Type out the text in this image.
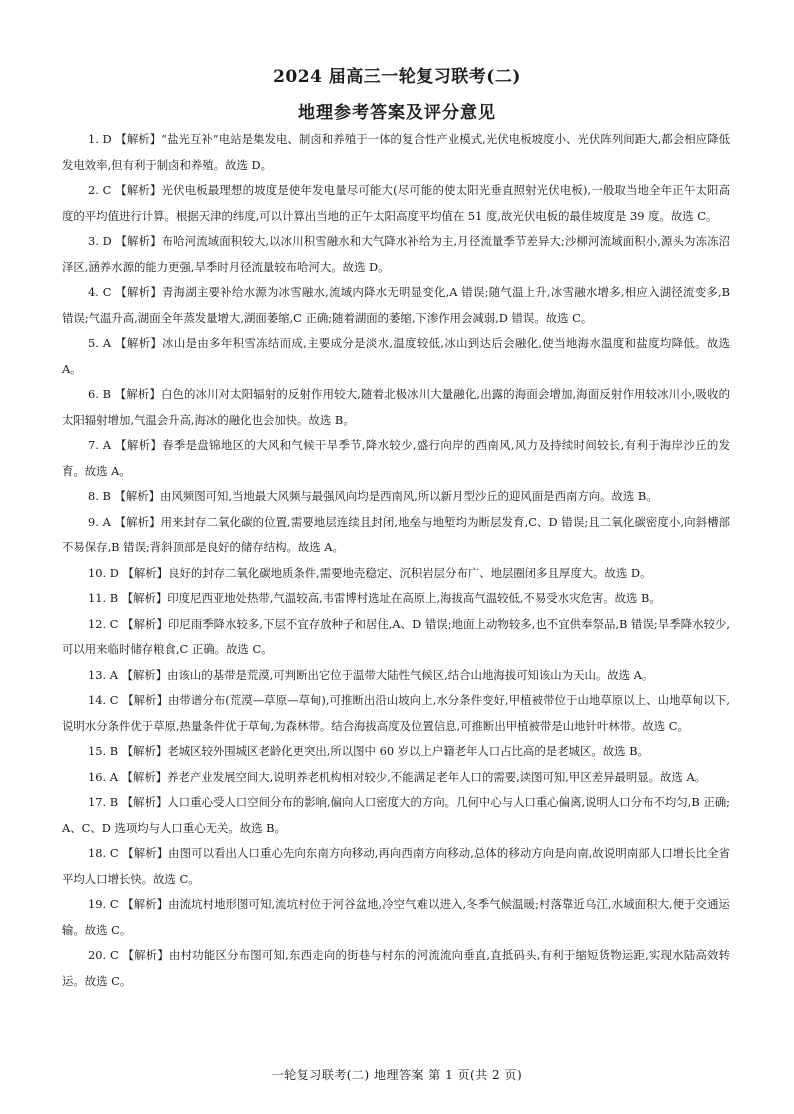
2024 届高三一轮复习联考(二)
地理参考答案及评分意见

1. D 【解析】“盐光互补”电站是集发电、制卤和养殖于一体的复合性产业模式,光伏电板坡度小、光伏阵列间距大,都会相应降低发电效率,但有利于制卤和养殖。故选 D。

2. C 【解析】光伏电板最理想的坡度是使年发电量尽可能大(尽可能的使太阳光垂直照射光伏电板),一般取当地全年正午太阳高度的平均值进行计算。根据天津的纬度,可以计算出当地的正午太阳高度平均值在 51 度,故光伏电板的最佳坡度是 39 度。故选 C。

3. D 【解析】布哈河流域面积较大,以冰川积雪融水和大气降水补给为主,月径流量季节差异大;沙柳河流域面积小,源头为冻冻沼泽区,涵养水源的能力更强,旱季时月径流量较布哈河大。故选 D。

4. C 【解析】青海湖主要补给水源为冰雪融水,流域内降水无明显变化,A 错误;随气温上升,冰雪融水增多,相应入湖径流变多,B 错误;气温升高,湖面全年蒸发量增大,湖面萎缩,C 正确;随着湖面的萎缩,下渗作用会减弱,D 错误。故选 C。

5. A 【解析】冰山是由多年积雪冻结而成,主要成分是淡水,温度较低,冰山到达后会融化,使当地海水温度和盐度均降低。故选 A。

6. B 【解析】白色的冰川对太阳辐射的反射作用较大,随着北极冰川大量融化,出露的海面会增加,海面反射作用较冰川小,吸收的太阳辐射增加,气温会升高,海冰的融化也会加快。故选 B。

7. A 【解析】春季是盘锦地区的大风和气候干旱季节,降水较少,盛行向岸的西南风,风力及持续时间较长,有利于海岸沙丘的发育。故选 A。

8. B 【解析】由风频图可知,当地最大风频与最强风向均是西南风,所以新月型沙丘的迎风面是西南方向。故选 B。

9. A 【解析】用来封存二氧化碳的位置,需要地层连续且封闭,地垒与地堑均为断层发育,C、D 错误;且二氧化碳密度小,向斜槽部不易保存,B 错误;背斜顶部是良好的储存结构。故选 A。

10. D 【解析】良好的封存二氧化碳地质条件,需要地壳稳定、沉积岩层分布广、地层圈闭多且厚度大。故选 D。

11. B 【解析】印度尼西亚地处热带,气温较高,韦雷博村选址在高原上,海拔高气温较低,不易受水灾危害。故选 B。

12. C 【解析】印尼雨季降水较多,下层不宜存放种子和居住,A、D 错误;地面上动物较多,也不宜供奉祭品,B 错误;旱季降水较少,可以用来临时储存粮食,C 正确。故选 C。

13. A 【解析】由该山的基带是荒漠,可判断出它位于温带大陆性气候区,结合山地海拔可知该山为天山。故选 A。

14. C 【解析】由带谱分布(荒漠—草原—草甸),可推断出沿山坡向上,水分条件变好,甲植被带位于山地草原以上、山地草甸以下,说明水分条件优于草原,热量条件优于草甸,为森林带。结合海拔高度及位置信息,可推断出甲植被带是山地针叶林带。故选 C。

15. B 【解析】老城区较外围城区老龄化更突出,所以图中 60 岁以上户籍老年人口占比高的是老城区。故选 B。

16. A 【解析】养老产业发展空间大,说明养老机构相对较少,不能满足老年人口的需要,读图可知,甲区差异最明显。故选 A。

17. B 【解析】人口重心受人口空间分布的影响,偏向人口密度大的方向。几何中心与人口重心偏离,说明人口分布不均匀,B 正确;A、C、D 选项均与人口重心无关。故选 B。

18. C 【解析】由图可以看出人口重心先向东南方向移动,再向西南方向移动,总体的移动方向是向南,故说明南部人口增长比全省平均人口增长快。故选 C。

19. C 【解析】由流坑村地形图可知,流坑村位于河谷盆地,冷空气难以进入,冬季气候温暖;村落靠近乌江,水域面积大,便于交通运输。故选 C。

20. C 【解析】由村功能区分布图可知,东西走向的街巷与村东的河流流向垂直,直抵码头,有利于缩短货物运距,实现水陆高效转运。故选 C。

一轮复习联考(二) 地理答案 第 1 页(共 2 页)
